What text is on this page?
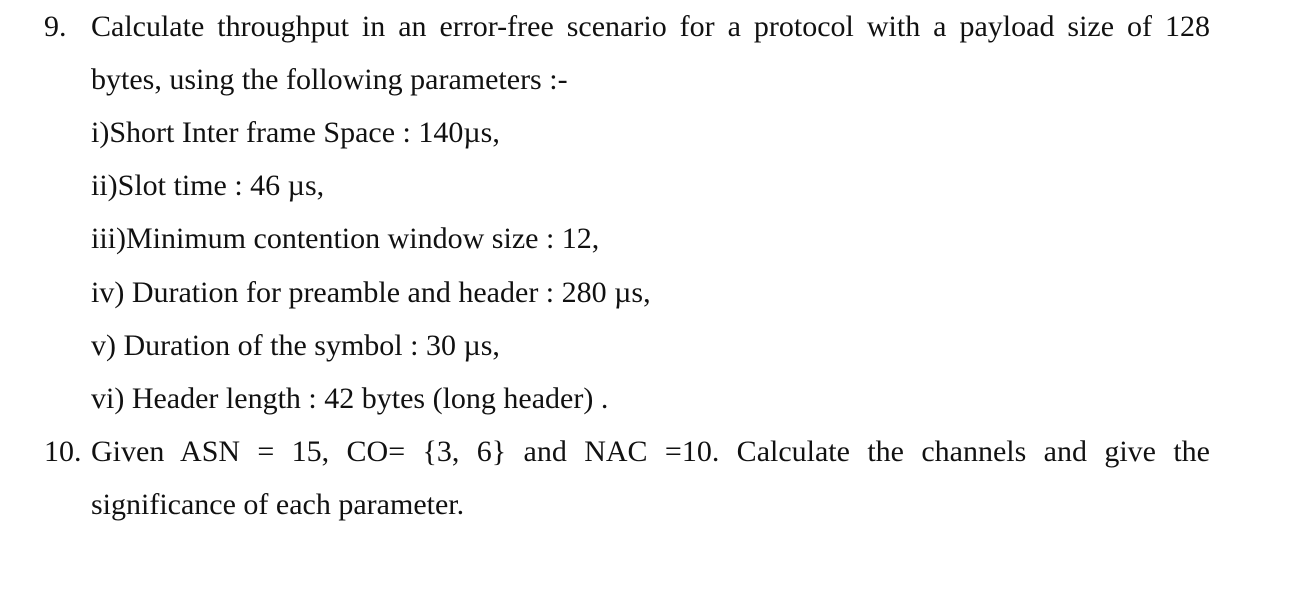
9. Calculate throughput in an error-free scenario for a protocol with a payload size of 128
bytes, using the following parameters :-
i)Short Inter frame Space : 140µs,
ii)Slot time : 46 µs,
iii)Minimum contention window size : 12,
iv) Duration for preamble and header : 280 µs,
v) Duration of the symbol : 30 µs,
vi) Header length : 42 bytes (long header) .
10. Given ASN = 15, CO= {3, 6} and NAC =10. Calculate the channels and give the
significance of each parameter.
